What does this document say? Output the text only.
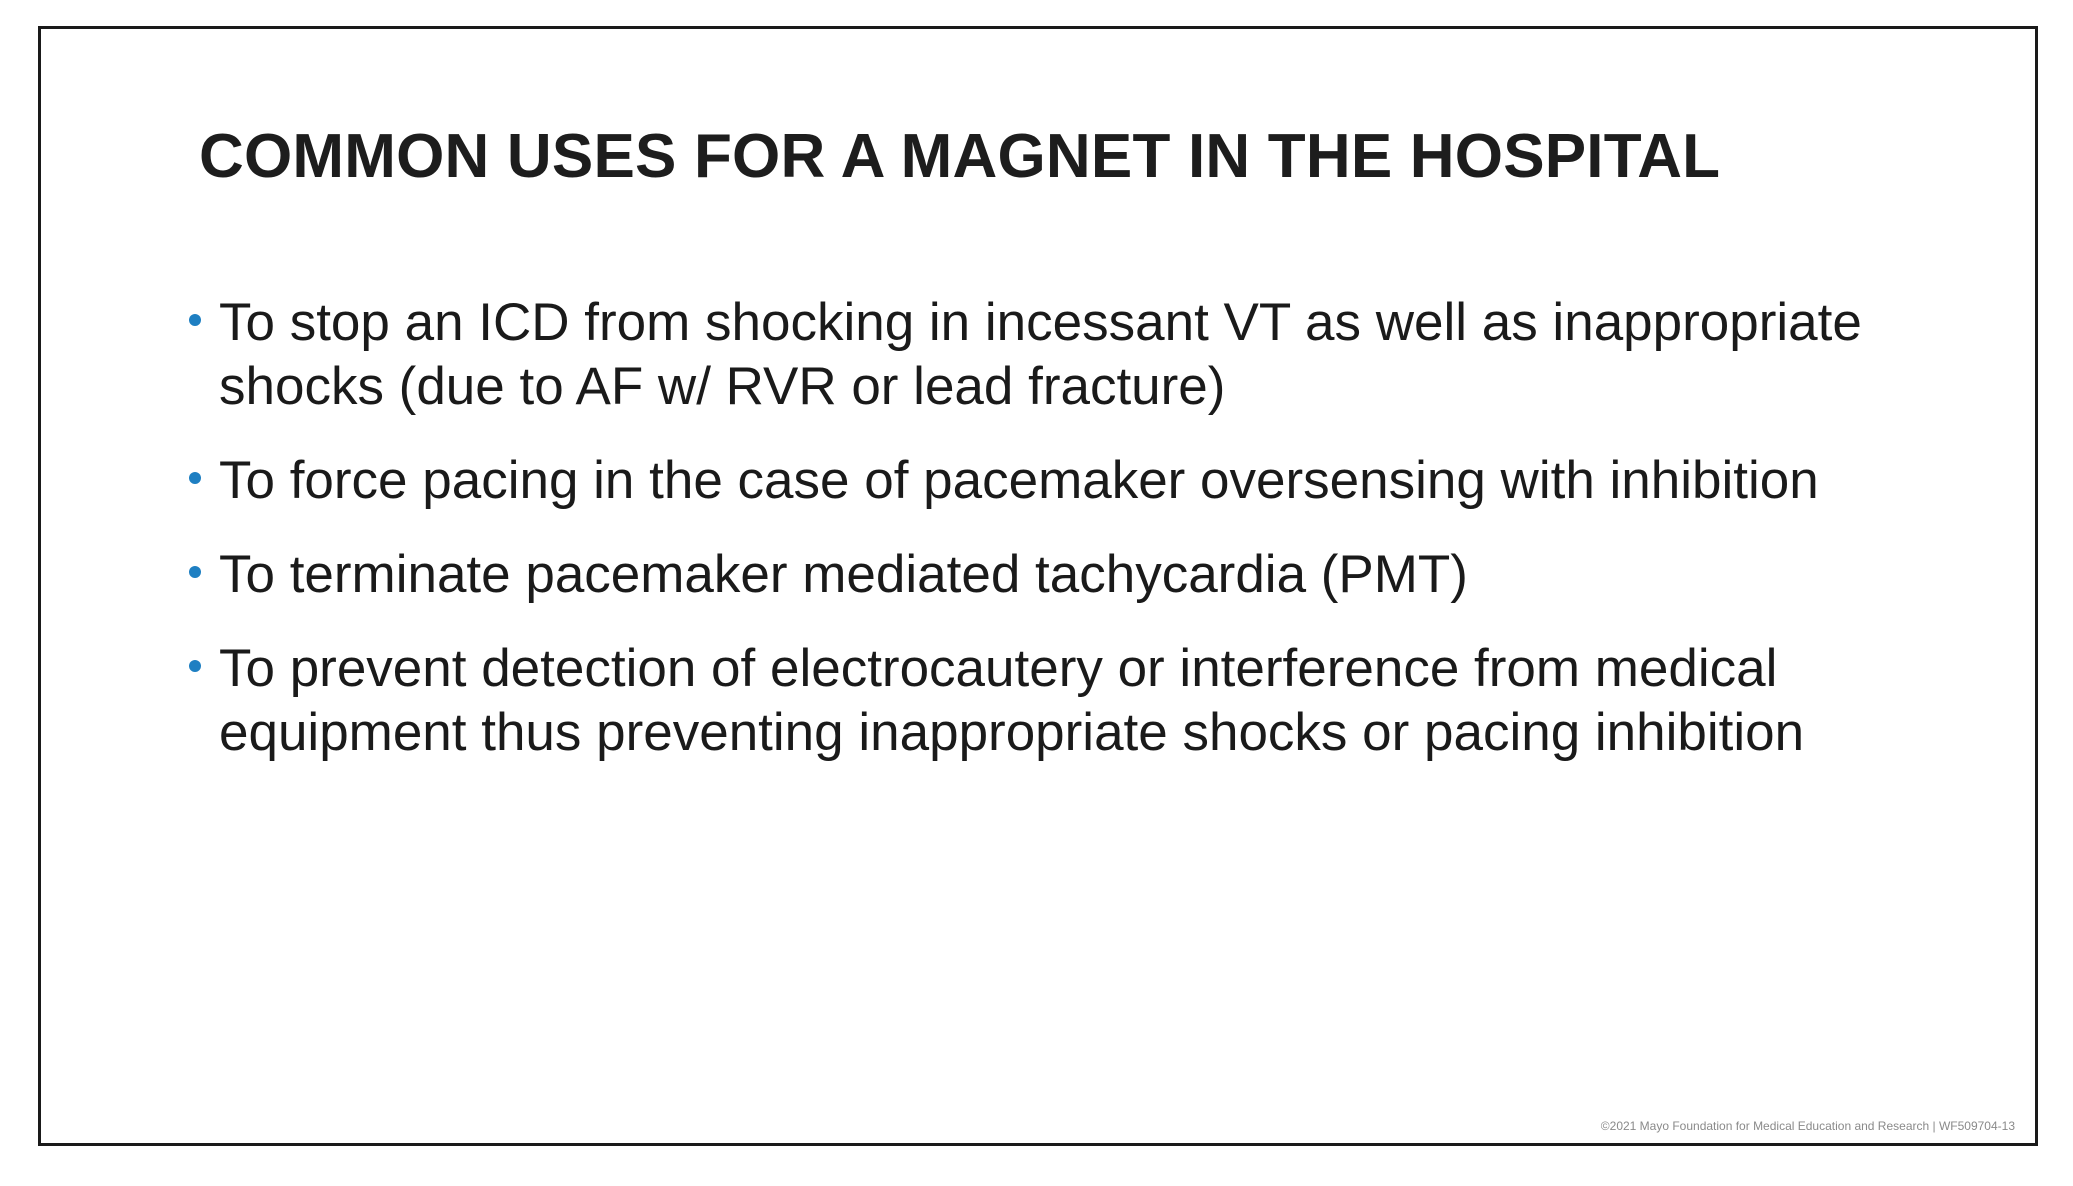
COMMON USES FOR A MAGNET IN THE HOSPITAL
To stop an ICD from shocking in incessant VT as well as inappropriate shocks (due to AF w/ RVR or lead fracture)
To force pacing in the case of pacemaker oversensing with inhibition
To terminate pacemaker mediated tachycardia (PMT)
To prevent detection of electrocautery or interference from medical equipment thus preventing inappropriate shocks or pacing inhibition
©2021 Mayo Foundation for Medical Education and Research | WF509704-13
